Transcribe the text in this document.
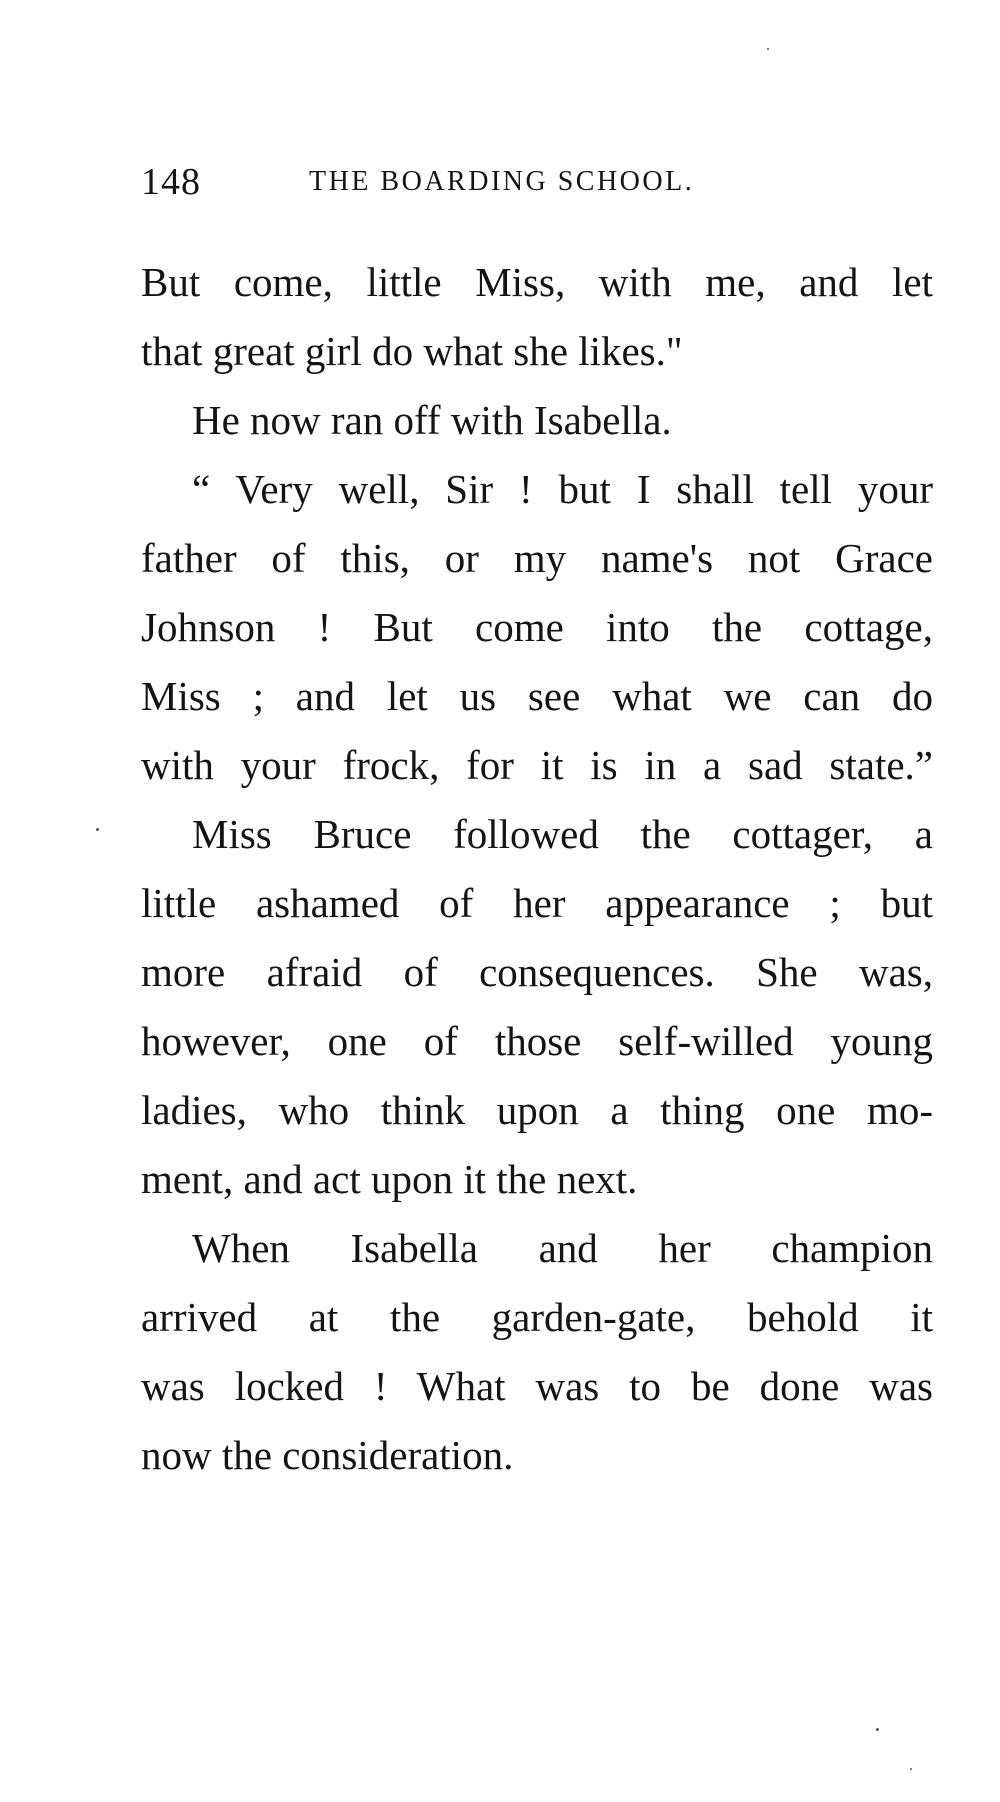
148	THE BOARDING SCHOOL.
But come, little Miss, with me, and let
that great girl do what she likes."
He now ran off with Isabella.
“ Very well, Sir ! but I shall tell your
father of this, or my name's not Grace
Johnson ! But come into the cottage,
Miss ; and let us see what we can do
with your frock, for it is in a sad state.”
Miss Bruce followed the cottager, a
little ashamed of her appearance ; but
more afraid of consequences. She was,
however, one of those self-willed young
ladies, who think upon a thing one mo-
ment, and act upon it the next.
When Isabella and her champion
arrived at the garden-gate, behold it
was locked ! What was to be done was
now the consideration.
